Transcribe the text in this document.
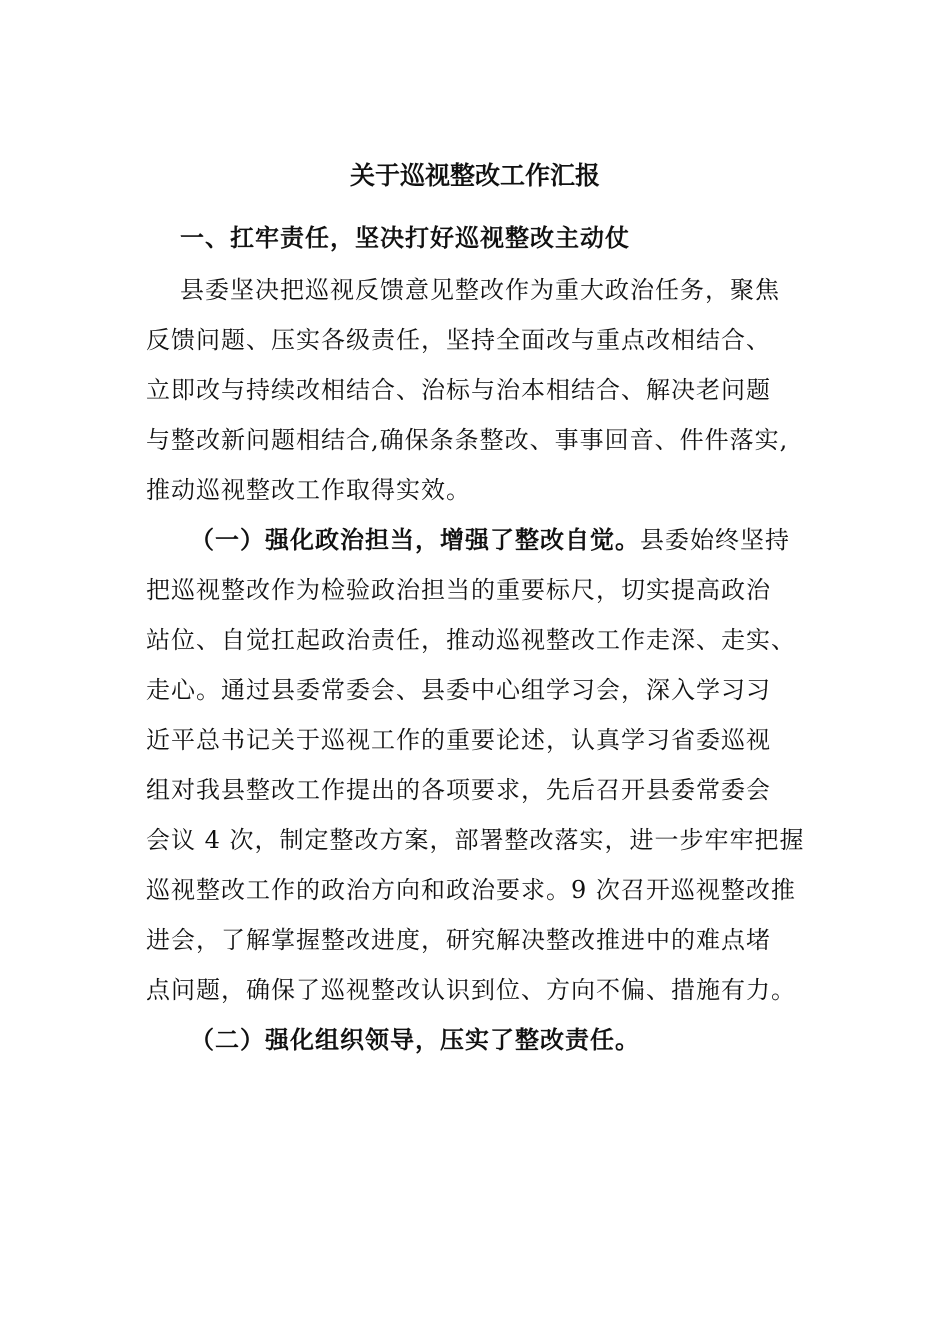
关于巡视整改工作汇报
一、扛牢责任，坚决打好巡视整改主动仗
县委坚决把巡视反馈意见整改作为重大政治任务，聚焦
反馈问题、压实各级责任，坚持全面改与重点改相结合、
立即改与持续改相结合、治标与治本相结合、解决老问题
与整改新问题相结合,确保条条整改、事事回音、件件落实,
推动巡视整改工作取得实效。
（一）强化政治担当，增强了整改自觉。县委始终坚持
把巡视整改作为检验政治担当的重要标尺，切实提高政治
站位、自觉扛起政治责任，推动巡视整改工作走深、走实、
走心。通过县委常委会、县委中心组学习会，深入学习习
近平总书记关于巡视工作的重要论述，认真学习省委巡视
组对我县整改工作提出的各项要求，先后召开县委常委会
会议 4 次，制定整改方案，部署整改落实，进一步牢牢把握
巡视整改工作的政治方向和政治要求。9 次召开巡视整改推
进会，了解掌握整改进度，研究解决整改推进中的难点堵
点问题，确保了巡视整改认识到位、方向不偏、措施有力。
（二）强化组织领导，压实了整改责任。
